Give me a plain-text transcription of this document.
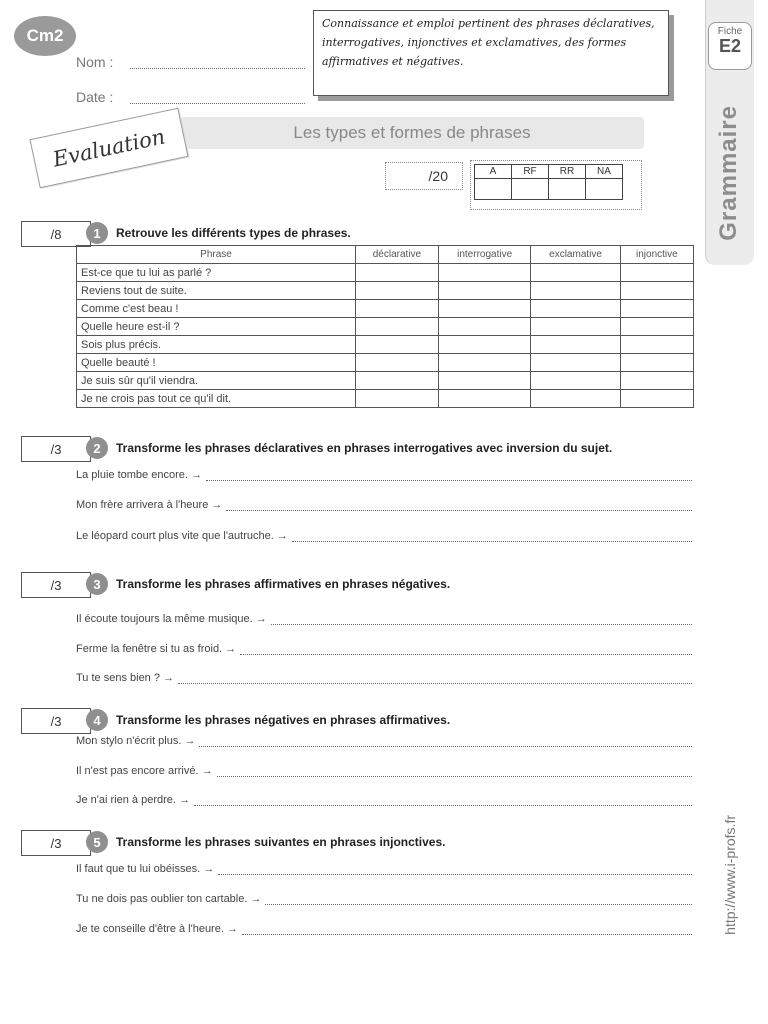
Cm2
Nom :
Date :
Connaissance et emploi pertinent des phrases déclaratives, interrogatives, injonctives et exclamatives, des formes affirmatives et négatives.
Fiche
E2
Grammaire
Les types et formes de phrases
Evaluation
/20	A	RF	RR	NA

/8	1	Retrouve les différents types de phrases.
Phrase	déclarative	interrogative	exclamative	injonctive
Est-ce que tu lui as parlé ?				
Reviens tout de suite.				
Comme c'est beau !				
Quelle heure est-il ?				
Sois plus précis.				
Quelle beauté !				
Je suis sûr qu'il viendra.				
Je ne crois pas tout ce qu'il dit.				
/3	2	Transforme les phrases déclaratives en phrases interrogatives avec inversion du sujet.
La pluie tombe encore. →
Mon frère arrivera à l'heure →
Le léopard court plus vite que l'autruche. →
/3	3	Transforme les phrases affirmatives en phrases négatives.
Il écoute toujours la même musique. →
Ferme la fenêtre si tu as froid. →
Tu te sens bien ? →
/3	4	Transforme les phrases négatives en phrases affirmatives.
Mon stylo n'écrit plus. →
Il n'est pas encore arrivé. →
Je n'ai rien à perdre. →
/3	5	Transforme les phrases suivantes en phrases injonctives.
Il faut que tu lui obéisses. →
Tu ne dois pas oublier ton cartable. →
Je te conseille d'être à l'heure. →	http://www.i-profs.fr
